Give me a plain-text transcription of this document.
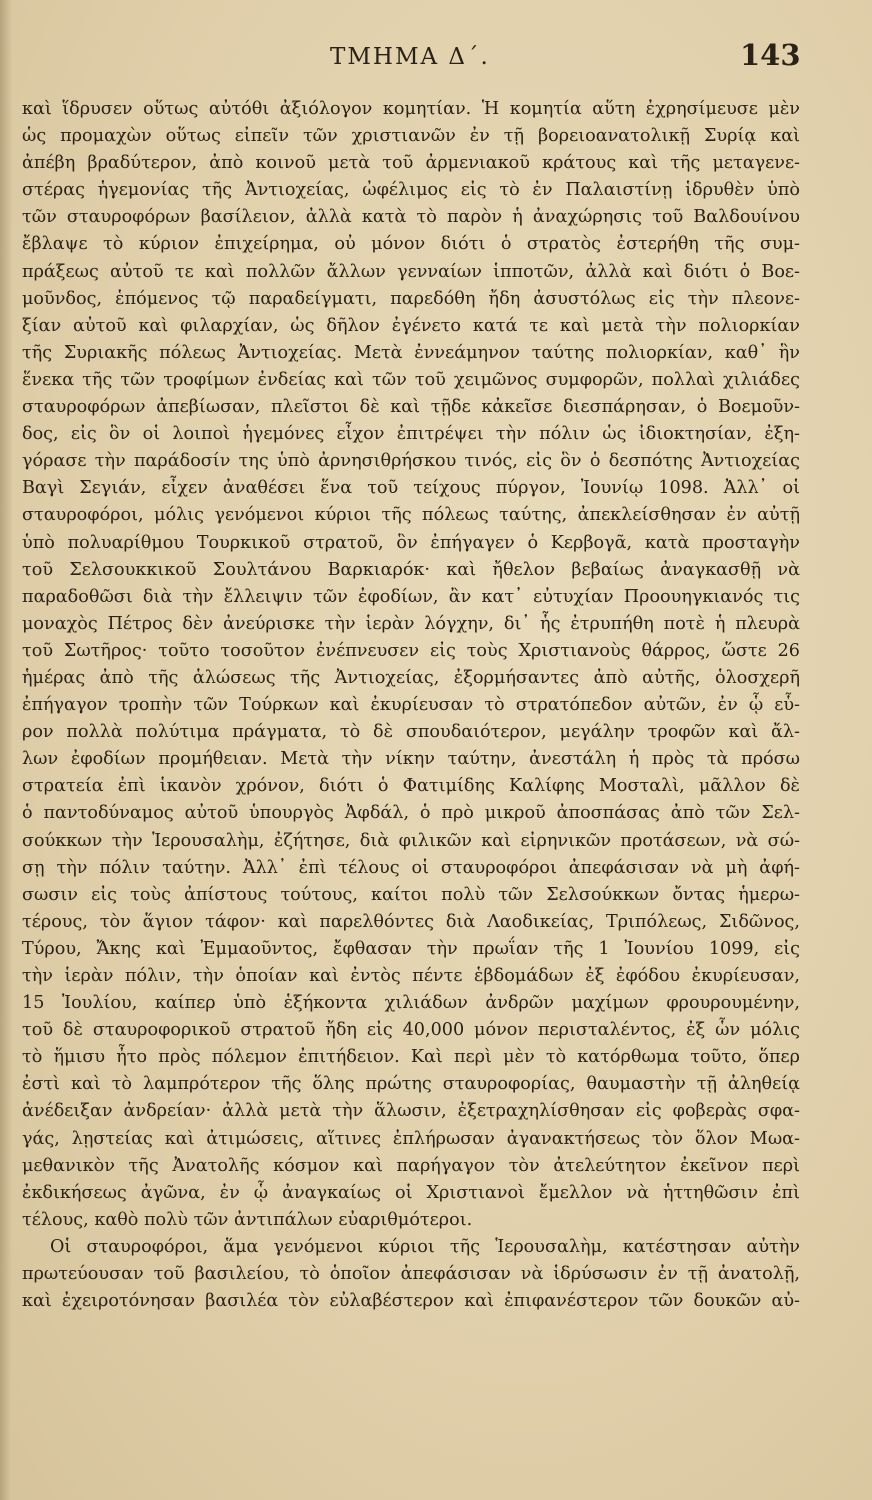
ΤΜΗΜΑ Δ΄.	143
καὶ ἵδρυσεν οὕτως αὐτόθι ἀξιόλογον κομητίαν. Ἡ κομητία αὕτη ἐχρησίμευσε μὲν
ὡς προμαχὼν οὕτως εἰπεῖν τῶν χριστιανῶν ἐν τῇ βορειοανατολικῇ Συρίᾳ καὶ
ἀπέβη βραδύτερον, ἀπὸ κοινοῦ μετὰ τοῦ ἀρμενιακοῦ κράτους καὶ τῆς μεταγενε-
στέρας ἡγεμονίας τῆς Ἀντιοχείας, ὠφέλιμος εἰς τὸ ἐν Παλαιστίνῃ ἱδρυθὲν ὑπὸ
τῶν σταυροφόρων βασίλειον, ἀλλὰ κατὰ τὸ παρὸν ἡ ἀναχώρησις τοῦ Βαλδουίνου
ἔβλαψε τὸ κύριον ἐπιχείρημα, οὐ μόνον διότι ὁ στρατὸς ἐστερήθη τῆς συμ-
πράξεως αὐτοῦ τε καὶ πολλῶν ἄλλων γενναίων ἱπποτῶν, ἀλλὰ καὶ διότι ὁ Βοε-
μοῦνδος, ἑπόμενος τῷ παραδείγματι, παρεδόθη ἤδη ἀσυστόλως εἰς τὴν πλεονε-
ξίαν αὐτοῦ καὶ φιλαρχίαν, ὡς δῆλον ἐγένετο κατά τε καὶ μετὰ τὴν πολιορκίαν
τῆς Συριακῆς πόλεως Ἀντιοχείας. Μετὰ ἐννεάμηνον ταύτης πολιορκίαν, καθ᾽ ἣν
ἕνεκα τῆς τῶν τροφίμων ἐνδείας καὶ τῶν τοῦ χειμῶνος συμφορῶν, πολλαὶ χιλιάδες
σταυροφόρων ἀπεβίωσαν, πλεῖστοι δὲ καὶ τῇδε κἀκεῖσε διεσπάρησαν, ὁ Βοεμοῦν-
δος, εἰς ὃν οἱ λοιποὶ ἡγεμόνες εἶχον ἐπιτρέψει τὴν πόλιν ὡς ἰδιοκτησίαν, ἐξη-
γόρασε τὴν παράδοσίν της ὑπὸ ἀρνησιθρήσκου τινός, εἰς ὃν ὁ δεσπότης Ἀντιοχείας
Βαγὶ Σεγιάν, εἶχεν ἀναθέσει ἕνα τοῦ τείχους πύργον, Ἰουνίῳ 1098. Ἀλλ᾽ οἱ
σταυροφόροι, μόλις γενόμενοι κύριοι τῆς πόλεως ταύτης, ἀπεκλείσθησαν ἐν αὐτῇ
ὑπὸ πολυαρίθμου Τουρκικοῦ στρατοῦ, ὃν ἐπήγαγεν ὁ Κερβογᾶ, κατὰ προσταγὴν
τοῦ Σελσουκκικοῦ Σουλτάνου Βαρκιαρόκ· καὶ ἤθελον βεβαίως ἀναγκασθῇ νὰ
παραδοθῶσι διὰ τὴν ἔλλειψιν τῶν ἐφοδίων, ἂν κατ᾽ εὐτυχίαν Προουηγκιανός τις
μοναχὸς Πέτρος δὲν ἀνεύρισκε τὴν ἱερὰν λόγχην, δι᾽ ἧς ἐτρυπήθη ποτὲ ἡ πλευρὰ
τοῦ Σωτῆρος· τοῦτο τοσοῦτον ἐνέπνευσεν εἰς τοὺς Χριστιανοὺς θάρρος, ὥστε 26
ἡμέρας ἀπὸ τῆς ἁλώσεως τῆς Ἀντιοχείας, ἐξορμήσαντες ἀπὸ αὐτῆς, ὁλοσχερῆ
ἐπήγαγον τροπὴν τῶν Τούρκων καὶ ἐκυρίευσαν τὸ στρατόπεδον αὐτῶν, ἐν ᾧ εὗ-
ρον πολλὰ πολύτιμα πράγματα, τὸ δὲ σπουδαιότερον, μεγάλην τροφῶν καὶ ἄλ-
λων ἐφοδίων προμήθειαν. Μετὰ τὴν νίκην ταύτην, ἀνεστάλη ἡ πρὸς τὰ πρόσω
στρατεία ἐπὶ ἱκανὸν χρόνον, διότι ὁ Φατιμίδης Καλίφης Μοσταλὶ, μᾶλλον δὲ
ὁ παντοδύναμος αὐτοῦ ὑπουργὸς Ἀφδάλ, ὁ πρὸ μικροῦ ἀποσπάσας ἀπὸ τῶν Σελ-
σούκκων τὴν Ἱερουσαλὴμ, ἐζήτησε, διὰ φιλικῶν καὶ εἰρηνικῶν προτάσεων, νὰ σώ-
σῃ τὴν πόλιν ταύτην. Ἀλλ᾽ ἐπὶ τέλους οἱ σταυροφόροι ἀπεφάσισαν νὰ μὴ ἀφή-
σωσιν εἰς τοὺς ἀπίστους τούτους, καίτοι πολὺ τῶν Σελσούκκων ὄντας ἡμερω-
τέρους, τὸν ἅγιον τάφον· καὶ παρελθόντες διὰ Λαοδικείας, Τριπόλεως, Σιδῶνος,
Τύρου, Ἄκης καὶ Ἐμμαοῦντος, ἔφθασαν τὴν πρωΐαν τῆς 1 Ἰουνίου 1099, εἰς
τὴν ἱερὰν πόλιν, τὴν ὁποίαν καὶ ἐντὸς πέντε ἑβδομάδων ἐξ ἐφόδου ἐκυρίευσαν,
15 Ἰουλίου, καίπερ ὑπὸ ἑξήκοντα χιλιάδων ἀνδρῶν μαχίμων φρουρουμένην,
τοῦ δὲ σταυροφορικοῦ στρατοῦ ἤδη εἰς 40,000 μόνον περισταλέντος, ἐξ ὧν μόλις
τὸ ἥμισυ ἦτο πρὸς πόλεμον ἐπιτήδειον. Καὶ περὶ μὲν τὸ κατόρθωμα τοῦτο, ὅπερ
ἐστὶ καὶ τὸ λαμπρότερον τῆς ὅλης πρώτης σταυροφορίας, θαυμαστὴν τῇ ἀληθείᾳ
ἀνέδειξαν ἀνδρείαν· ἀλλὰ μετὰ τὴν ἅλωσιν, ἐξετραχηλίσθησαν εἰς φοβερὰς σφα-
γάς, λῃστείας καὶ ἀτιμώσεις, αἵτινες ἐπλήρωσαν ἀγανακτήσεως τὸν ὅλον Μωα-
μεθανικὸν τῆς Ἀνατολῆς κόσμον καὶ παρήγαγον τὸν ἀτελεύτητον ἐκεῖνον περὶ
ἐκδικήσεως ἀγῶνα, ἐν ᾧ ἀναγκαίως οἱ Χριστιανοὶ ἔμελλον νὰ ἡττηθῶσιν ἐπὶ
τέλους, καθὸ πολὺ τῶν ἀντιπάλων εὐαριθμότεροι.
Οἱ σταυροφόροι, ἅμα γενόμενοι κύριοι τῆς Ἱερουσαλὴμ, κατέστησαν αὐτὴν
πρωτεύουσαν τοῦ βασιλείου, τὸ ὁποῖον ἀπεφάσισαν νὰ ἱδρύσωσιν ἐν τῇ ἀνατολῇ,
καὶ ἐχειροτόνησαν βασιλέα τὸν εὐλαβέστερον καὶ ἐπιφανέστερον τῶν δουκῶν αὐ-
